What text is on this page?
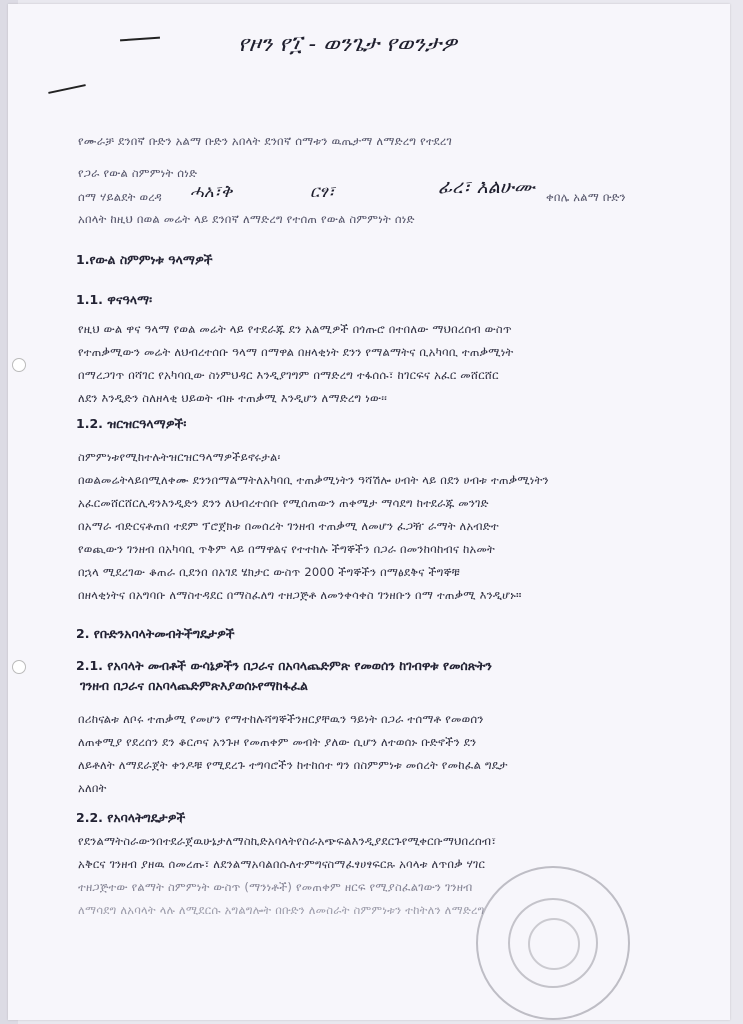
የዞን የ፲ - ወንጌታ የወንታዎ
የሙራቻ ደንበኛ ቡድን አልማ ቡድን አበላት ደንበኛ ሰማቱን ዉጤታማ ለማድረግ የተደረገ
የጋራ የውል ስምምነት ሰነድ
ሰማ ሃይልደት ወረዳ ሓአ፣ቅ	ርፃ፣	ፊረ፣ እልሁሙ ቀበሌ አልማ ቡድን
አበላት ከዚህ በወል መሬት ላይ ደንበኛ ለማድረግ የተሰጠ የውል ስምምነት ሰነድ
1.የውል ስምምነቱ ዓላማዎች
1.1. ዋናዓላማ፡
የዚህ ውል ዋና ዓላማ የወል መሬት ላይ የተደራጁ ደን አልሚዎች በጎጡሮ በተበለው ማህበረሰብ ውስጥ
የተጠቃሚውን መሬት ለህብረተሰቡ ዓላማ በማዋል በዘላቂነት ደንን የማልማትና ቢአካባቢ ተጠቃሚነት
በማረጋገጥ በሻገር የአካባቢው ስነምህዳር እንዲያገግም በማድረግ ተፋሰሱ፣ ከገርፍና አፈር መሸርሸር
ለደን እንዲድን ስለዘላቂ ህይወት ብዙ ተጠቃሚ እንዲሆን ለማድረግ ነው፡፡
1.2. ዝርዝርዓላማዎች፡
ስምምነቱየሚከተሉትዝርዝርዓላማዎችይኖሩታል፡
በወልመሬትላይበሚለቀሙ ደንንበማልማትለአካባቢ ተጠቃሚነትን ዓሻሽሎ ሀብት ላይ በደን ሀብቱ ተጠቃሚነትን
አፈርመሸርሸርሊዳንእንዲድን ደንን ለህብረተሰቡ የሚሰጠውን ጠቀሜታ ማሳደግ ከተደራጁ መንገድ
በአማራ ብድርናቶጠበ ተደም ፕሮጀክቱ በመሰረት ገንዘብ ተጠቃሚ ለመሆን ፈጋዥ ራማት ለአብድተ
የወጪውን ገንዘብ በአካባቢ ጥቅም ላይ በማዋልና የተተከሉ ችግኞችን በጋራ በመንከባከብና ከአመት
በኋላ ሚደረገው ቆጠራ ቢደንበ በአገደ ሄክታር ውስጥ 2000 ችግኞችን በማፅደቅና ችግኞቹ
በዘላቂነትና በአግባቡ ለማስተዳደር በማስፈለግ ተዘጋጅቶ ለመንቀሳቀስ ገንዘቡን በማ ተጠቃሚ እንዲሆኑ።
2. የቡድንአባላትመብትችግዴታዎች
2.1. የአባላት መብቶች ውሳኔዎችን በጋራና በአባላጨድምጽ የመወሰን ከገብዋቱ የመሰጽትን
ገንዘብ በጋራና በአባላጨድምጽእያወሰኑየማከፋፈል
በሪከናልቱ ለቦሩ ተጠቃሚ የመሆን የማተከሉሻግኞችንዘርያቸዉን ዓይነት በጋራ ተሰማቶ የመወሰን
ለጠቀሚያ የደረሰን ደን ቆርጦና አንጉዞ የመጠቀም መብት ያለው ሲሆን ለተወሰኑ ቡድኖችን ደን
ለይቶለት ለማደራጀት ቀንዶቹ የሚደረጉ ተግባሮችን ከተከሰተ ግን በስምምነቱ መሰረት የመከፈል ግዴታ
አለበት
2.2. የአባላትግዴታዎች
የደንልማትስራውንበተደራጀዉሁኔታለማስኪድአባላትየስራአጭፍልእንዲያደርጉየሚቀርቡማህበረሰብ፣
አቅርና ገንዘብ ያዘዉ ሰመረጡ፣ ለደንልማአባልበሱለተምግናስማፈፃሀፃፍርጹ አባላቱ ለጥበቃ ሃገር
ተዘጋጅተው የልማት ስምምነት ውስጥ (ማንነቶች) የመጠቀም ዘርፍ የሚያስፈልገውን ገንዘብ
ለማሳደግ ለአባላት ላሉ ለሚደርሱ አግልግሎት በቡድን ለመስራት ስምምነቱን ተከትለን ለማድረግ
